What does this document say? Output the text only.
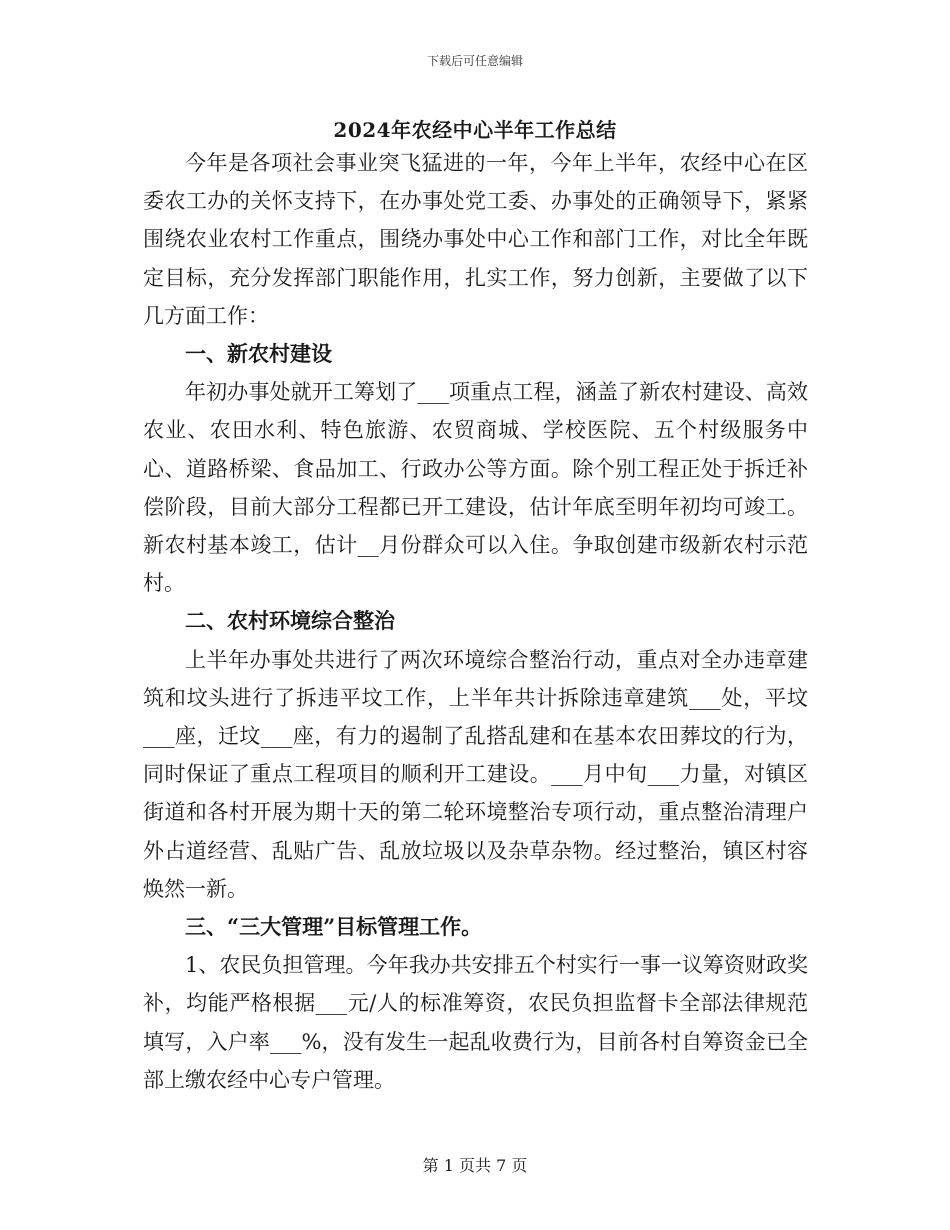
下载后可任意编辑
2024年农经中心半年工作总结

今年是各项社会事业突飞猛进的一年，今年上半年，农经中心在区委农工办的关怀支持下，在办事处党工委、办事处的正确领导下，紧紧围绕农业农村工作重点，围绕办事处中心工作和部门工作，对比全年既定目标，充分发挥部门职能作用，扎实工作，努力创新，主要做了以下几方面工作：

一、新农村建设

年初办事处就开工筹划了___项重点工程，涵盖了新农村建设、高效农业、农田水利、特色旅游、农贸商城、学校医院、五个村级服务中心、道路桥梁、食品加工、行政办公等方面。除个别工程正处于拆迁补偿阶段，目前大部分工程都已开工建设，估计年底至明年初均可竣工。新农村基本竣工，估计__月份群众可以入住。争取创建市级新农村示范村。

二、农村环境综合整治

上半年办事处共进行了两次环境综合整治行动，重点对全办违章建筑和坟头进行了拆违平坟工作，上半年共计拆除违章建筑___处，平坟___座，迁坟___座，有力的遏制了乱搭乱建和在基本农田葬坟的行为，同时保证了重点工程项目的顺利开工建设。___月中旬___力量，对镇区街道和各村开展为期十天的第二轮环境整治专项行动，重点整治清理户外占道经营、乱贴广告、乱放垃圾以及杂草杂物。经过整治，镇区村容焕然一新。

三、“三大管理”目标管理工作。

1、农民负担管理。今年我办共安排五个村实行一事一议筹资财政奖补，均能严格根据___元/人的标准筹资，农民负担监督卡全部法律规范填写，入户率___%，没有发生一起乱收费行为，目前各村自筹资金已全部上缴农经中心专户管理。

第 1 页共 7 页
